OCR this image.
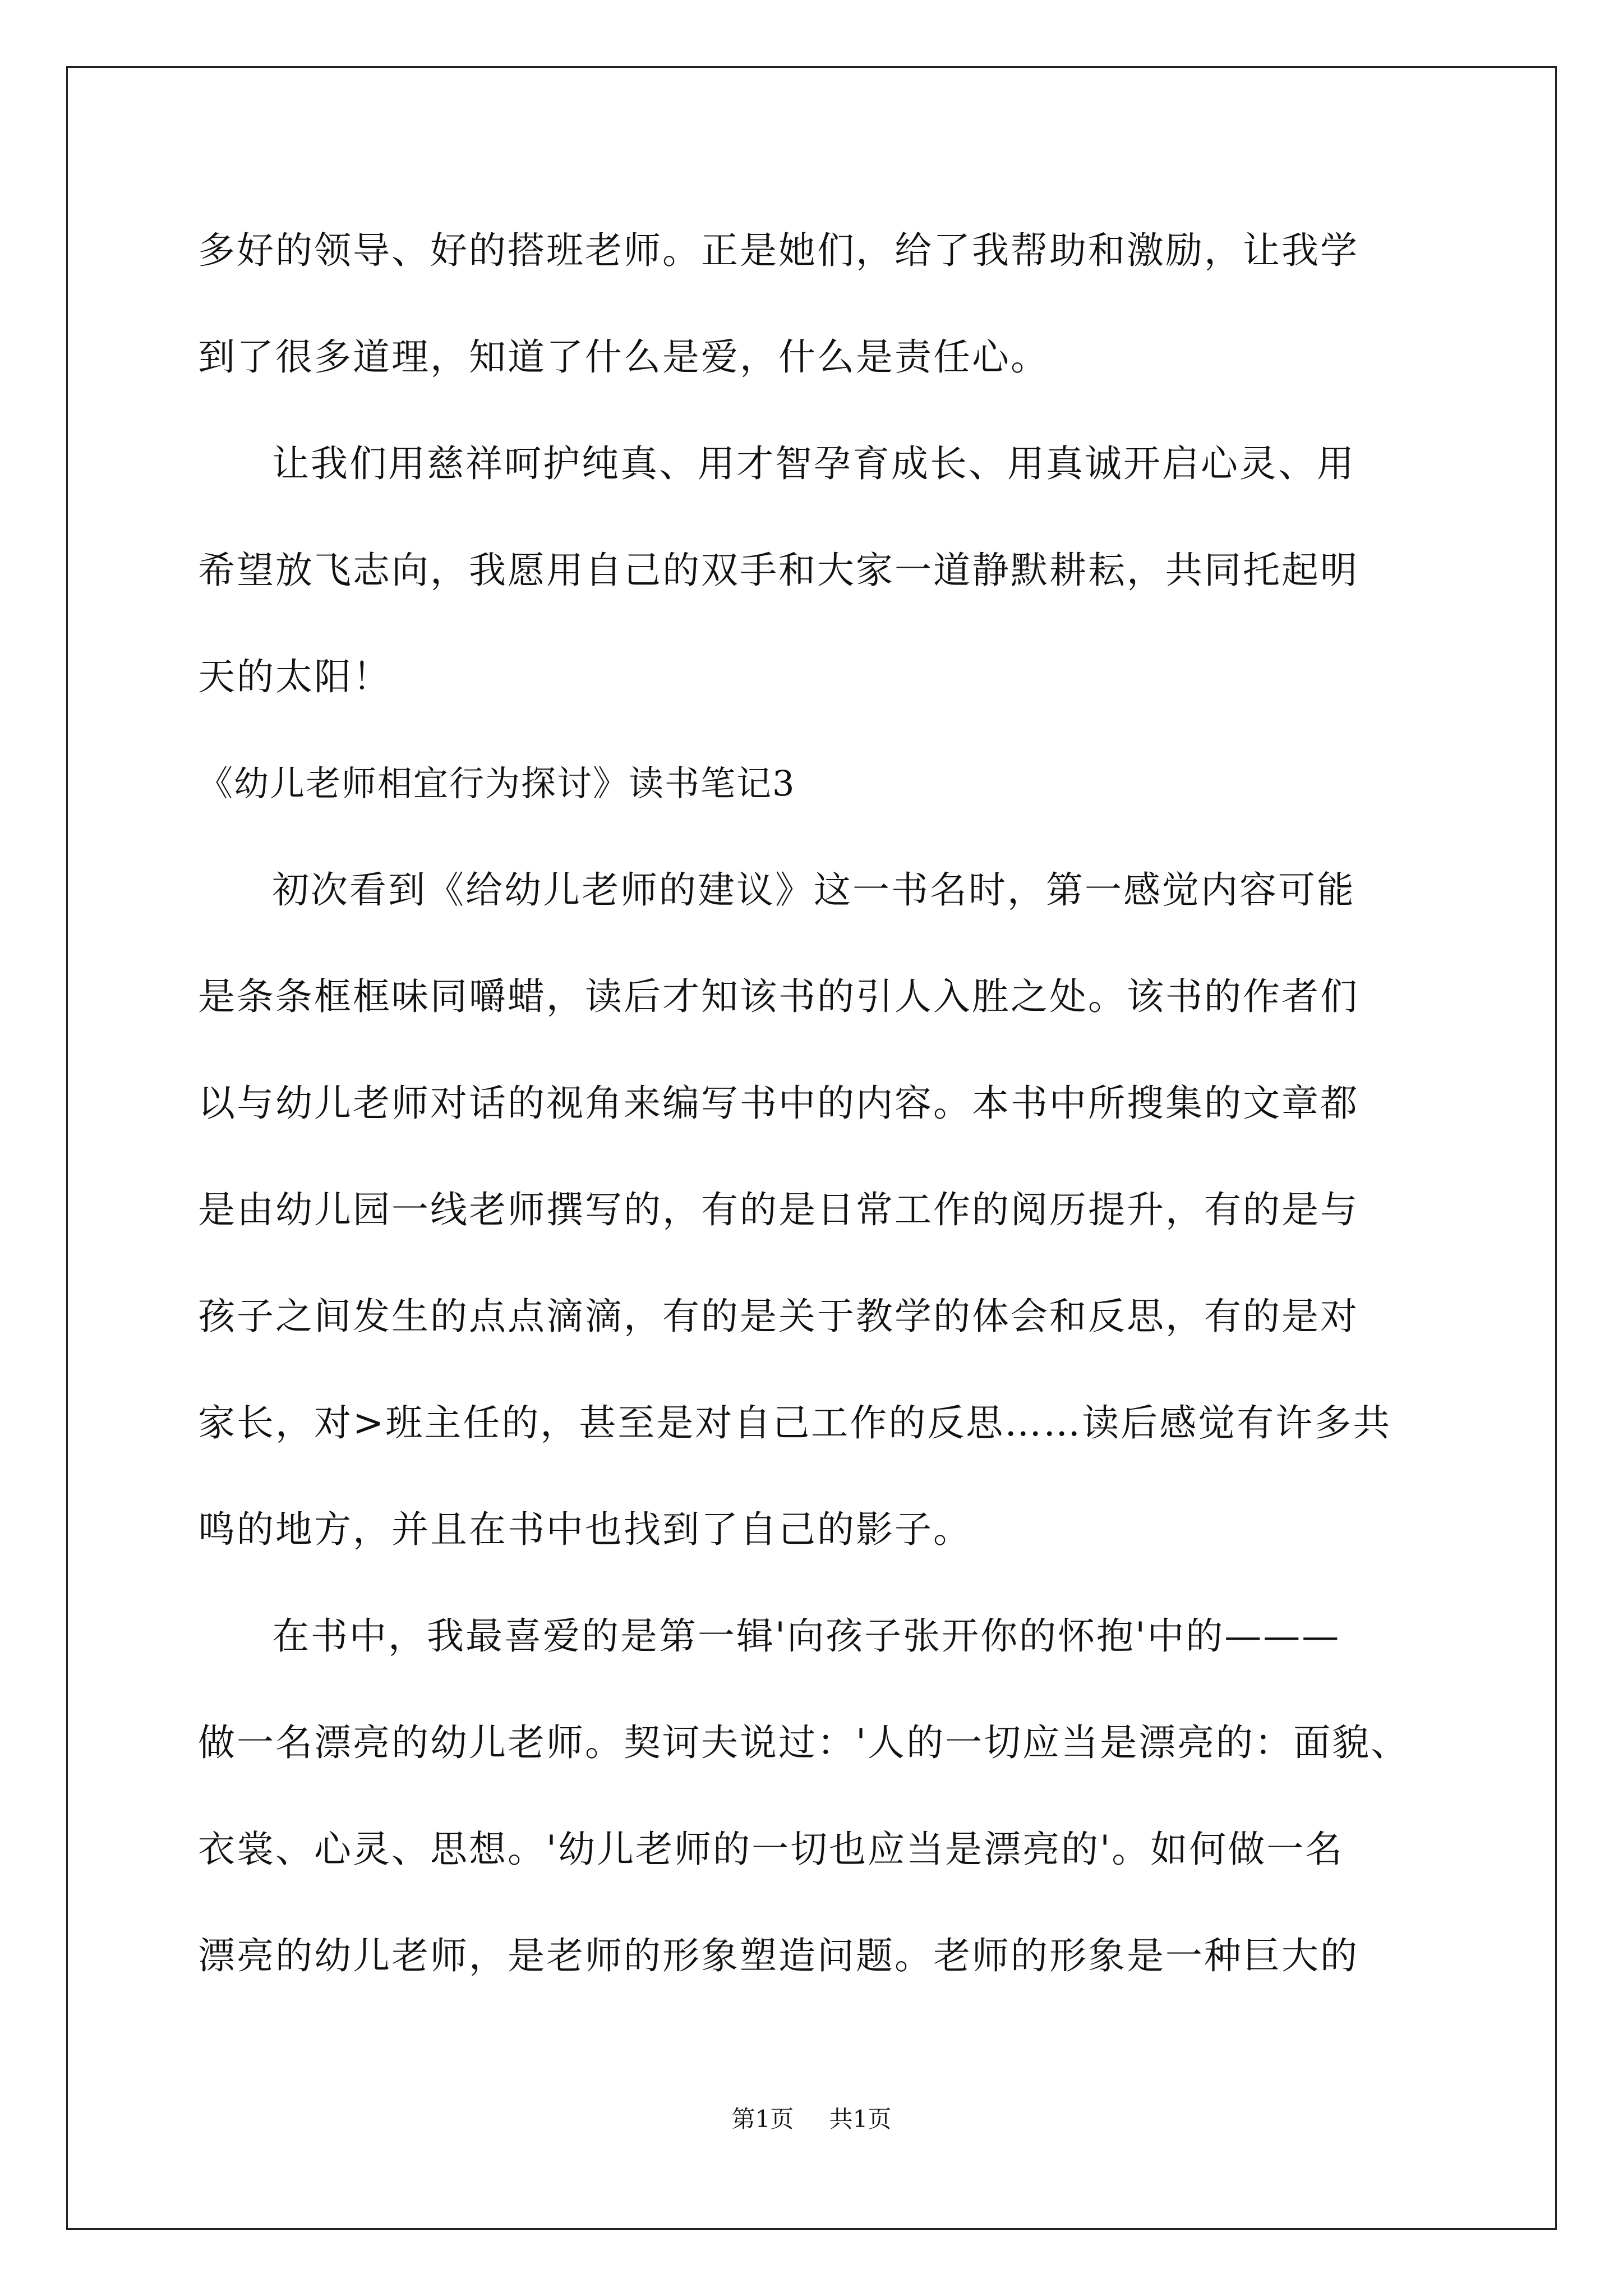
多好的领导、好的搭班老师。正是她们，给了我帮助和激励，让我学
到了很多道理，知道了什么是爱，什么是责任心。
让我们用慈祥呵护纯真、用才智孕育成长、用真诚开启心灵、用
希望放飞志向，我愿用自己的双手和大家一道静默耕耘，共同托起明
天的太阳！
《幼儿老师相宜行为探讨》读书笔记3
初次看到《给幼儿老师的建议》这一书名时，第一感觉内容可能
是条条框框味同嚼蜡，读后才知该书的引人入胜之处。该书的作者们
以与幼儿老师对话的视角来编写书中的内容。本书中所搜集的文章都
是由幼儿园一线老师撰写的，有的是日常工作的阅历提升，有的是与
孩子之间发生的点点滴滴，有的是关于教学的体会和反思，有的是对
家长，对>班主任的，甚至是对自己工作的反思……读后感觉有许多共
鸣的地方，并且在书中也找到了自己的影子。
在书中，我最喜爱的是第一辑'向孩子张开你的怀抱'中的———
做一名漂亮的幼儿老师。契诃夫说过：'人的一切应当是漂亮的：面貌、
衣裳、心灵、思想。'幼儿老师的一切也应当是漂亮的'。如何做一名
漂亮的幼儿老师，是老师的形象塑造问题。老师的形象是一种巨大的
第1页 共1页
